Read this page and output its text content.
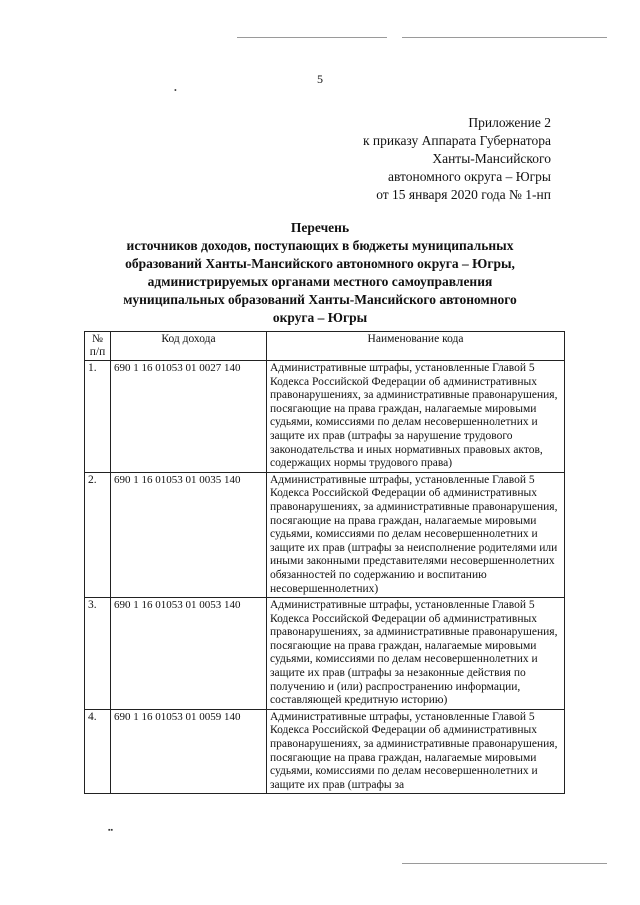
5
•
Приложение 2
к приказу Аппарата Губернатора
Ханты-Мансийского
автономного округа – Югры
от 15 января 2020 года № 1-нп
Перечень
источников доходов, поступающих в бюджеты муниципальных
образований Ханты-Мансийского автономного округа – Югры,
администрируемых органами местного самоуправления
муниципальных образований Ханты-Мансийского автономного
округа – Югры
№ п/п	Код дохода	Наименование кода
1.	690 1 16 01053 01 0027 140	Административные штрафы, установленные Главой 5 Кодекса Российской Федерации об административных правонарушениях, за административные правонарушения, посягающие на права граждан, налагаемые мировыми судьями, комиссиями по делам несовершеннолетних и защите их прав (штрафы за нарушение трудового законодательства и иных нормативных правовых актов, содержащих нормы трудового права)
2.	690 1 16 01053 01 0035 140	Административные штрафы, установленные Главой 5 Кодекса Российской Федерации об административных правонарушениях, за административные правонарушения, посягающие на права граждан, налагаемые мировыми судьями, комиссиями по делам несовершеннолетних и защите их прав (штрафы за неисполнение родителями или иными законными представителями несовершеннолетних обязанностей по содержанию и воспитанию несовершеннолетних)
3.	690 1 16 01053 01 0053 140	Административные штрафы, установленные Главой 5 Кодекса Российской Федерации об административных правонарушениях, за административные правонарушения, посягающие на права граждан, налагаемые мировыми судьями, комиссиями по делам несовершеннолетних и защите их прав (штрафы за незаконные действия по получению и (или) распространению информации, составляющей кредитную историю)
4.	690 1 16 01053 01 0059 140	Административные штрафы, установленные Главой 5 Кодекса Российской Федерации об административных правонарушениях, за административные правонарушения, посягающие на права граждан, налагаемые мировыми судьями, комиссиями по делам несовершеннолетних и защите их прав (штрафы за
▪▪
